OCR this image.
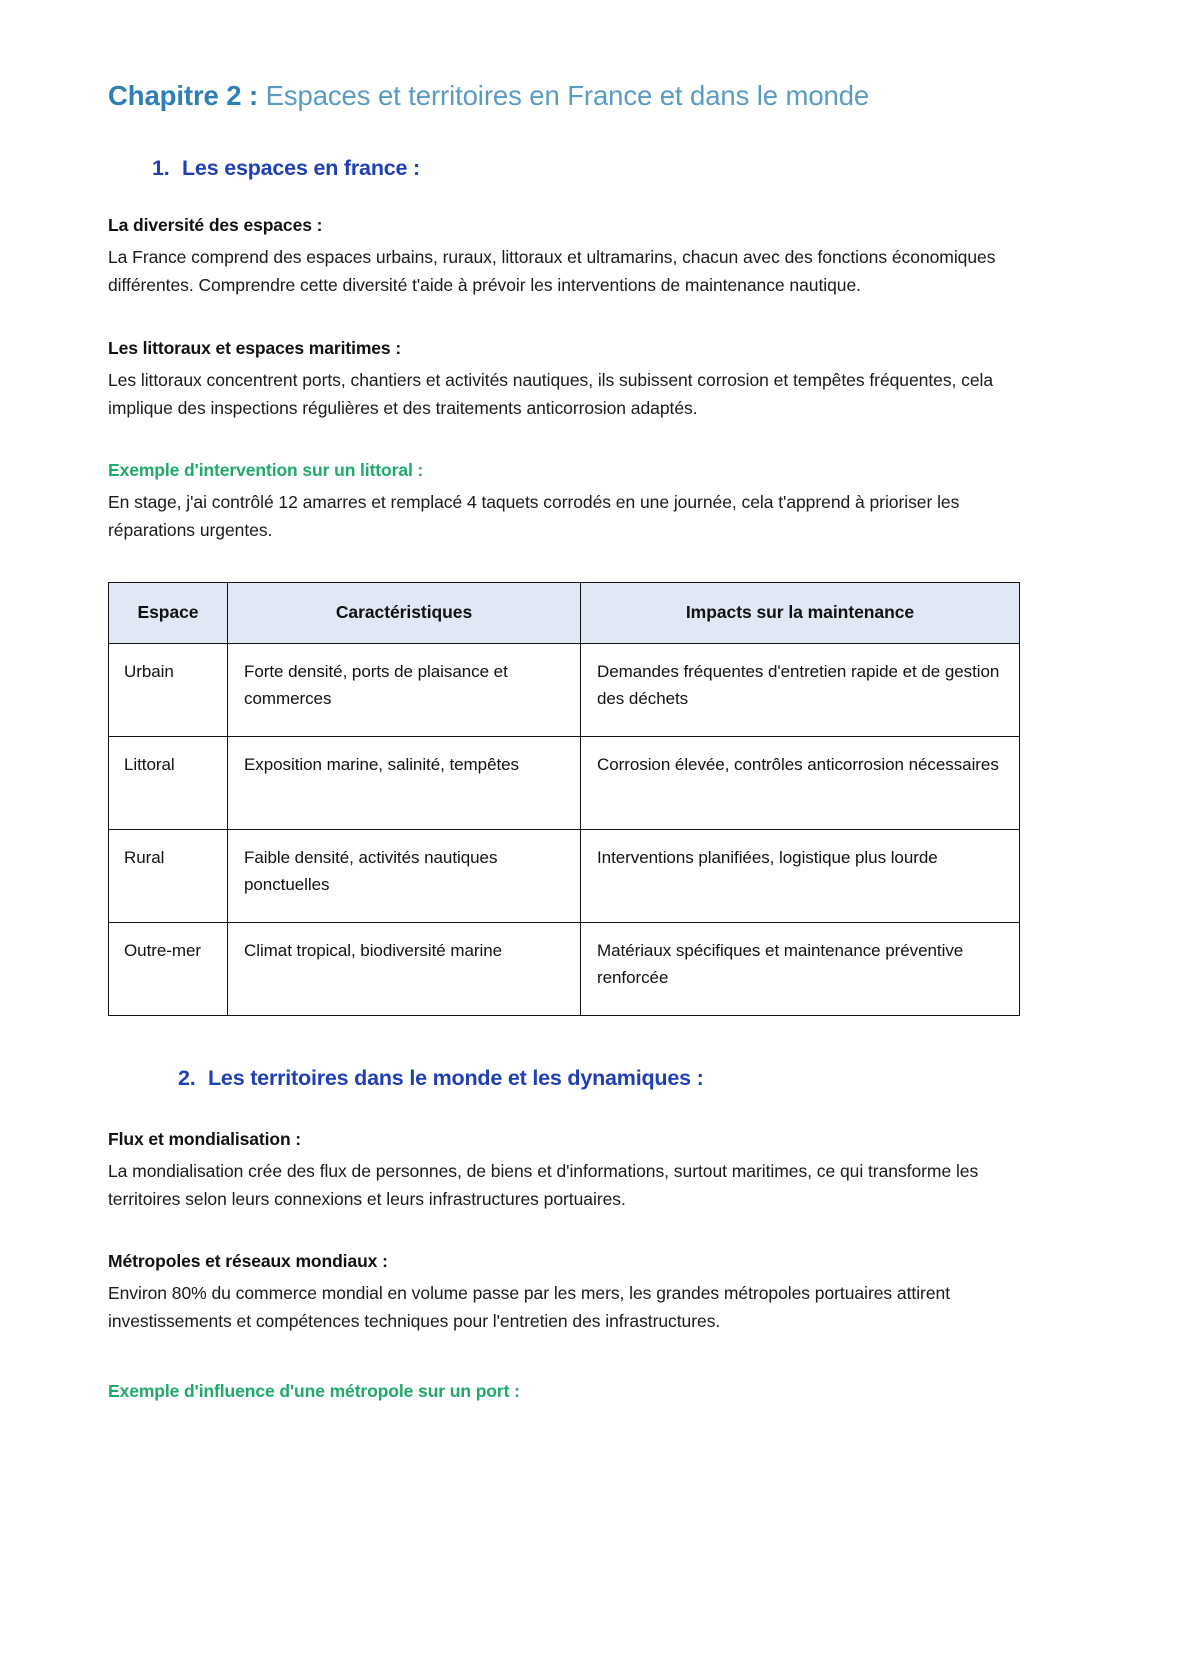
Chapitre 2 : Espaces et territoires en France et dans le monde
1. Les espaces en france :

La diversité des espaces :

La France comprend des espaces urbains, ruraux, littoraux et ultramarins, chacun avec des fonctions économiques différentes. Comprendre cette diversité t'aide à prévoir les interventions de maintenance nautique.

Les littoraux et espaces maritimes :

Les littoraux concentrent ports, chantiers et activités nautiques, ils subissent corrosion et tempêtes fréquentes, cela implique des inspections régulières et des traitements anticorrosion adaptés.

Exemple d'intervention sur un littoral :

En stage, j'ai contrôlé 12 amarres et remplacé 4 taquets corrodés en une journée, cela t'apprend à prioriser les réparations urgentes.

Espace	Caractéristiques	Impacts sur la maintenance
Urbain	Forte densité, ports de plaisance et commerces	Demandes fréquentes d'entretien rapide et de gestion des déchets
Littoral	Exposition marine, salinité, tempêtes	Corrosion élevée, contrôles anticorrosion nécessaires
Rural	Faible densité, activités nautiques ponctuelles	Interventions planifiées, logistique plus lourde
Outre-mer	Climat tropical, biodiversité marine	Matériaux spécifiques et maintenance préventive renforcée
2. Les territoires dans le monde et les dynamiques :

Flux et mondialisation :

La mondialisation crée des flux de personnes, de biens et d'informations, surtout maritimes, ce qui transforme les territoires selon leurs connexions et leurs infrastructures portuaires.

Métropoles et réseaux mondiaux :

Environ 80% du commerce mondial en volume passe par les mers, les grandes métropoles portuaires attirent investissements et compétences techniques pour l'entretien des infrastructures.

Exemple d'influence d'une métropole sur un port :
